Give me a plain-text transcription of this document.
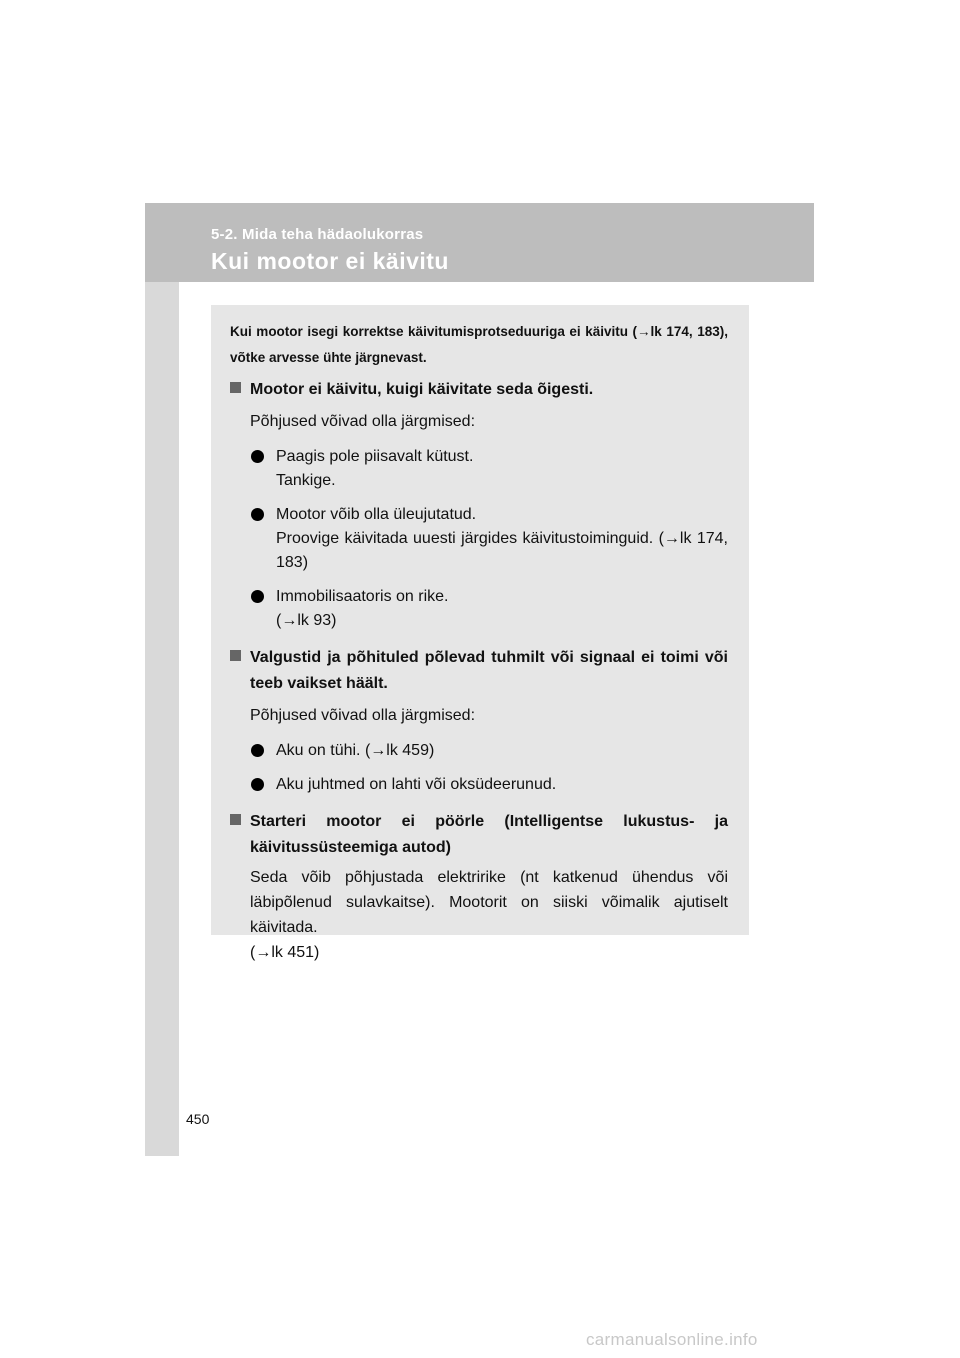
5-2. Mida teha hädaolukorras
Kui mootor ei käivitu

Kui mootor isegi korrektse käivitumisprotseduuriga ei käivitu (→lk 174, 183), võtke arvesse ühte järgnevast.

Mootor ei käivitu, kuigi käivitate seda õigesti.

Põhjused võivad olla järgmised:

Paagis pole piisavalt kütust.
Tankige.
Mootor võib olla üleujutatud.
Proovige käivitada uuesti järgides käivitustoiminguid. (→lk 174, 183)
Immobilisaatoris on rike.
(→lk 93)

Valgustid ja põhituled põlevad tuhmilt või signaal ei toimi või teeb vaikset häält.

Põhjused võivad olla järgmised:

Aku on tühi. (→lk 459)
Aku juhtmed on lahti või oksüdeerunud.

Starteri mootor ei pöörle (Intelligentse lukustus- ja käivitussüsteemiga autod)

Seda võib põhjustada elektririke (nt katkenud ühendus või läbipõlenud sulavkaitse). Mootorit on siiski võimalik ajutiselt käivitada.

(→lk 451)

450
carmanualsonline.info
